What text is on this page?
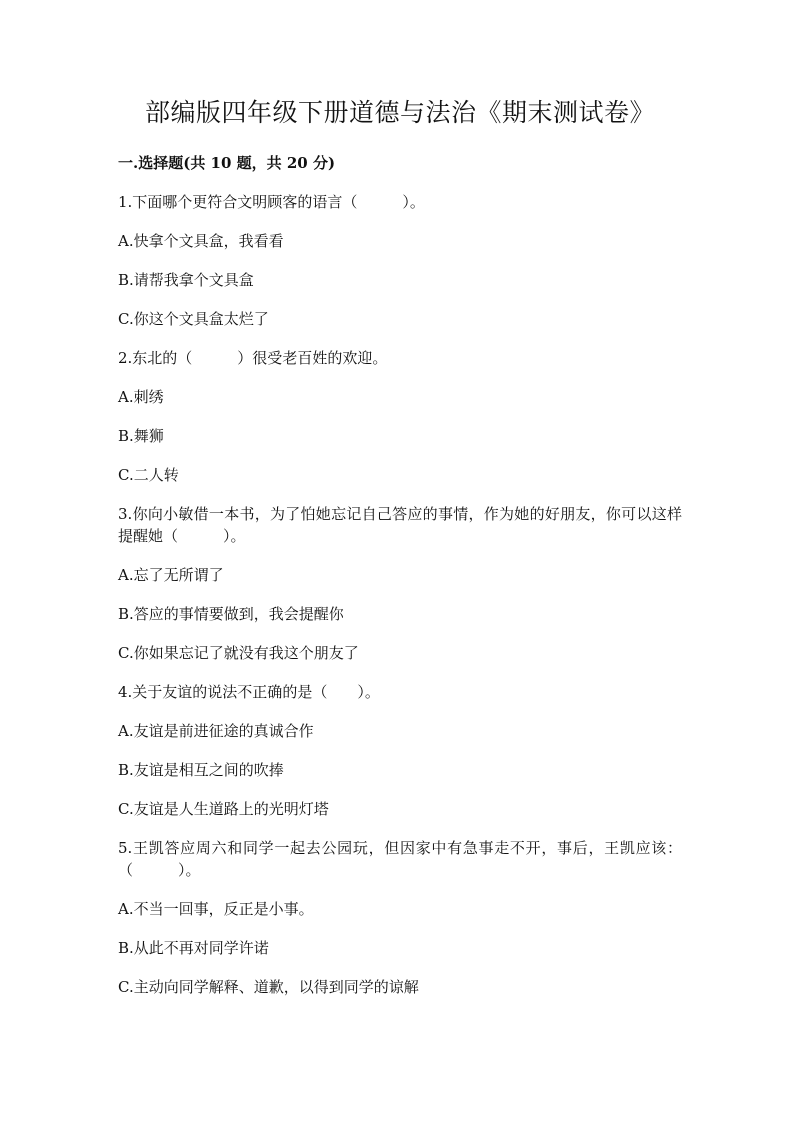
部编版四年级下册道德与法治《期末测试卷》
一.选择题(共 10 题，共 20 分)

1.下面哪个更符合文明顾客的语言（　　　）。

A.快拿个文具盒，我看看

B.请帮我拿个文具盒

C.你这个文具盒太烂了

2.东北的（　　　）很受老百姓的欢迎。

A.刺绣

B.舞狮

C.二人转

3.你向小敏借一本书，为了怕她忘记自己答应的事情，作为她的好朋友，你可以这样提醒她（　　　）。

A.忘了无所谓了

B.答应的事情要做到，我会提醒你

C.你如果忘记了就没有我这个朋友了

4.关于友谊的说法不正确的是（　　）。

A.友谊是前进征途的真诚合作

B.友谊是相互之间的吹捧

C.友谊是人生道路上的光明灯塔

5.王凯答应周六和同学一起去公园玩，但因家中有急事走不开，事后，王凯应该：（　　　）。

A.不当一回事，反正是小事。

B.从此不再对同学许诺

C.主动向同学解释、道歉，以得到同学的谅解
